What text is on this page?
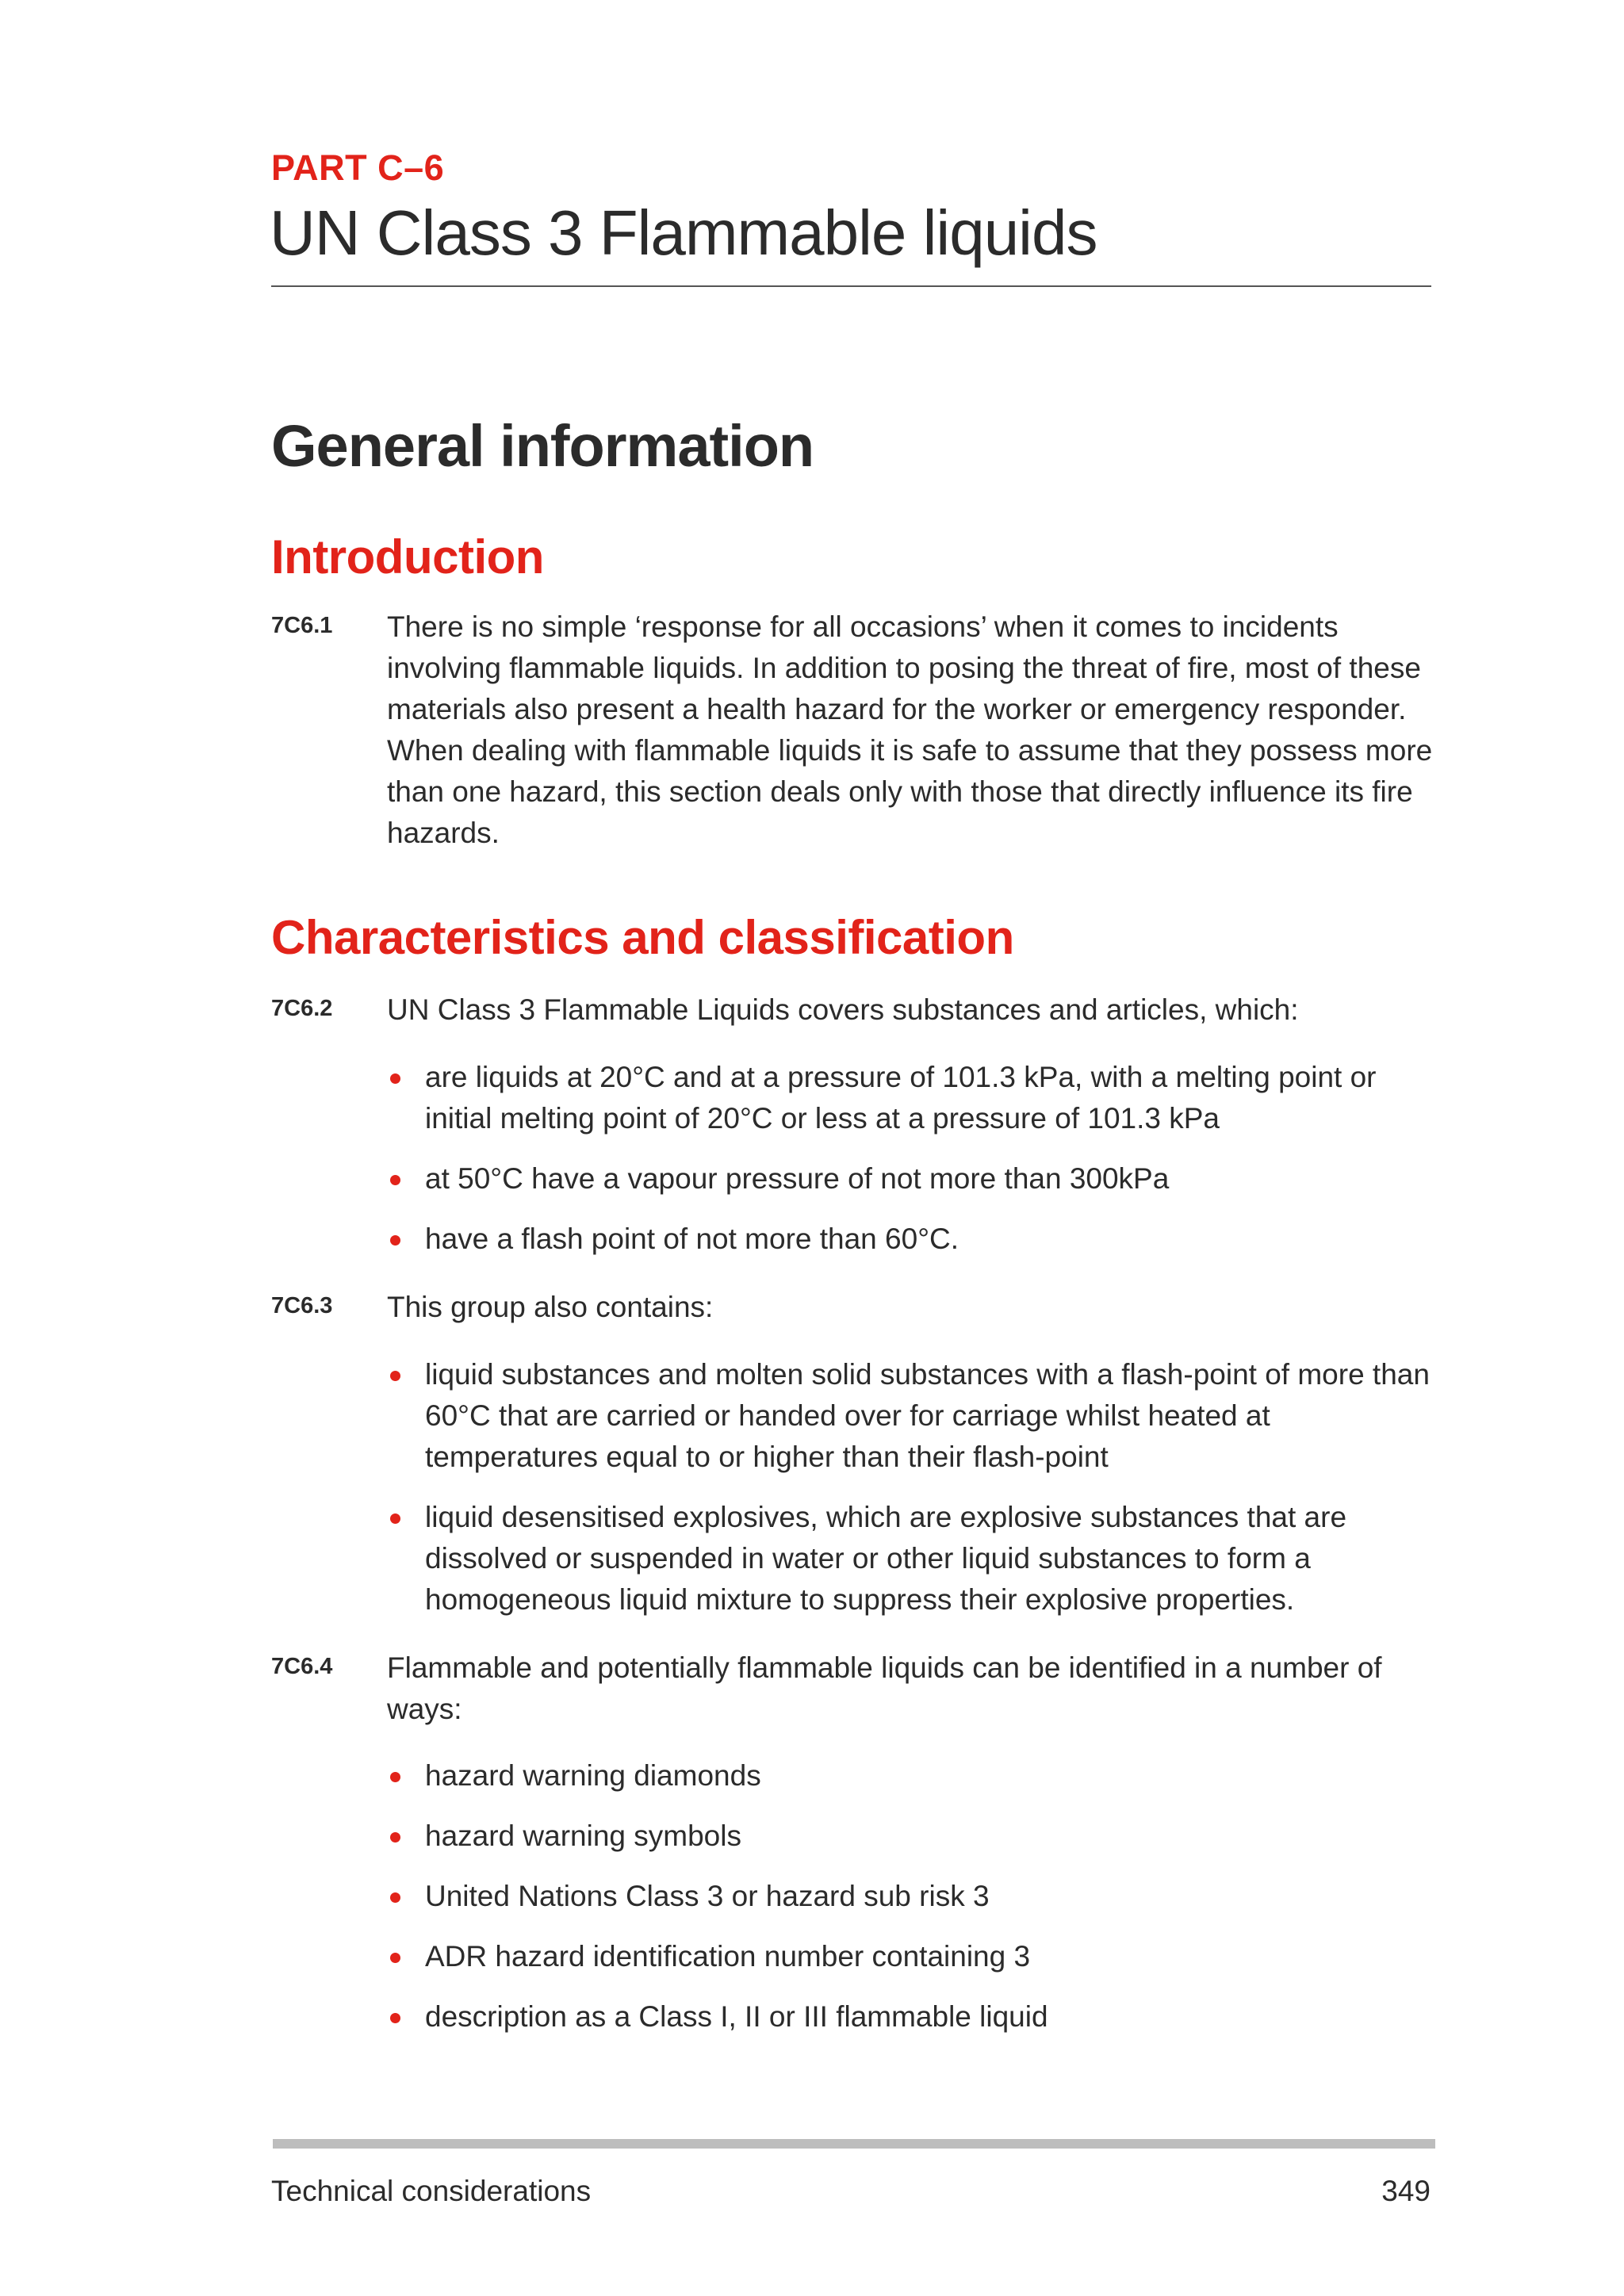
PART C–6
UN Class 3 Flammable liquids
General information
Introduction
7C6.1 There is no simple ‘response for all occasions’ when it comes to incidents involving flammable liquids. In addition to posing the threat of fire, most of these materials also present a health hazard for the worker or emergency responder. When dealing with flammable liquids it is safe to assume that they possess more than one hazard, this section deals only with those that directly influence its fire hazards.
Characteristics and classification
7C6.2 UN Class 3 Flammable Liquids covers substances and articles, which:
are liquids at 20°C and at a pressure of 101.3 kPa, with a melting point or initial melting point of 20°C or less at a pressure of 101.3 kPa
at 50°C have a vapour pressure of not more than 300kPa
have a flash point of not more than 60°C.
7C6.3 This group also contains:
liquid substances and molten solid substances with a flash-point of more than 60°C that are carried or handed over for carriage whilst heated at temperatures equal to or higher than their flash-point
liquid desensitised explosives, which are explosive substances that are dissolved or suspended in water or other liquid substances to form a homogeneous liquid mixture to suppress their explosive properties.
7C6.4 Flammable and potentially flammable liquids can be identified in a number of ways:
hazard warning diamonds
hazard warning symbols
United Nations Class 3 or hazard sub risk 3
ADR hazard identification number containing 3
description as a Class I, II or III flammable liquid
Technical considerations	349
